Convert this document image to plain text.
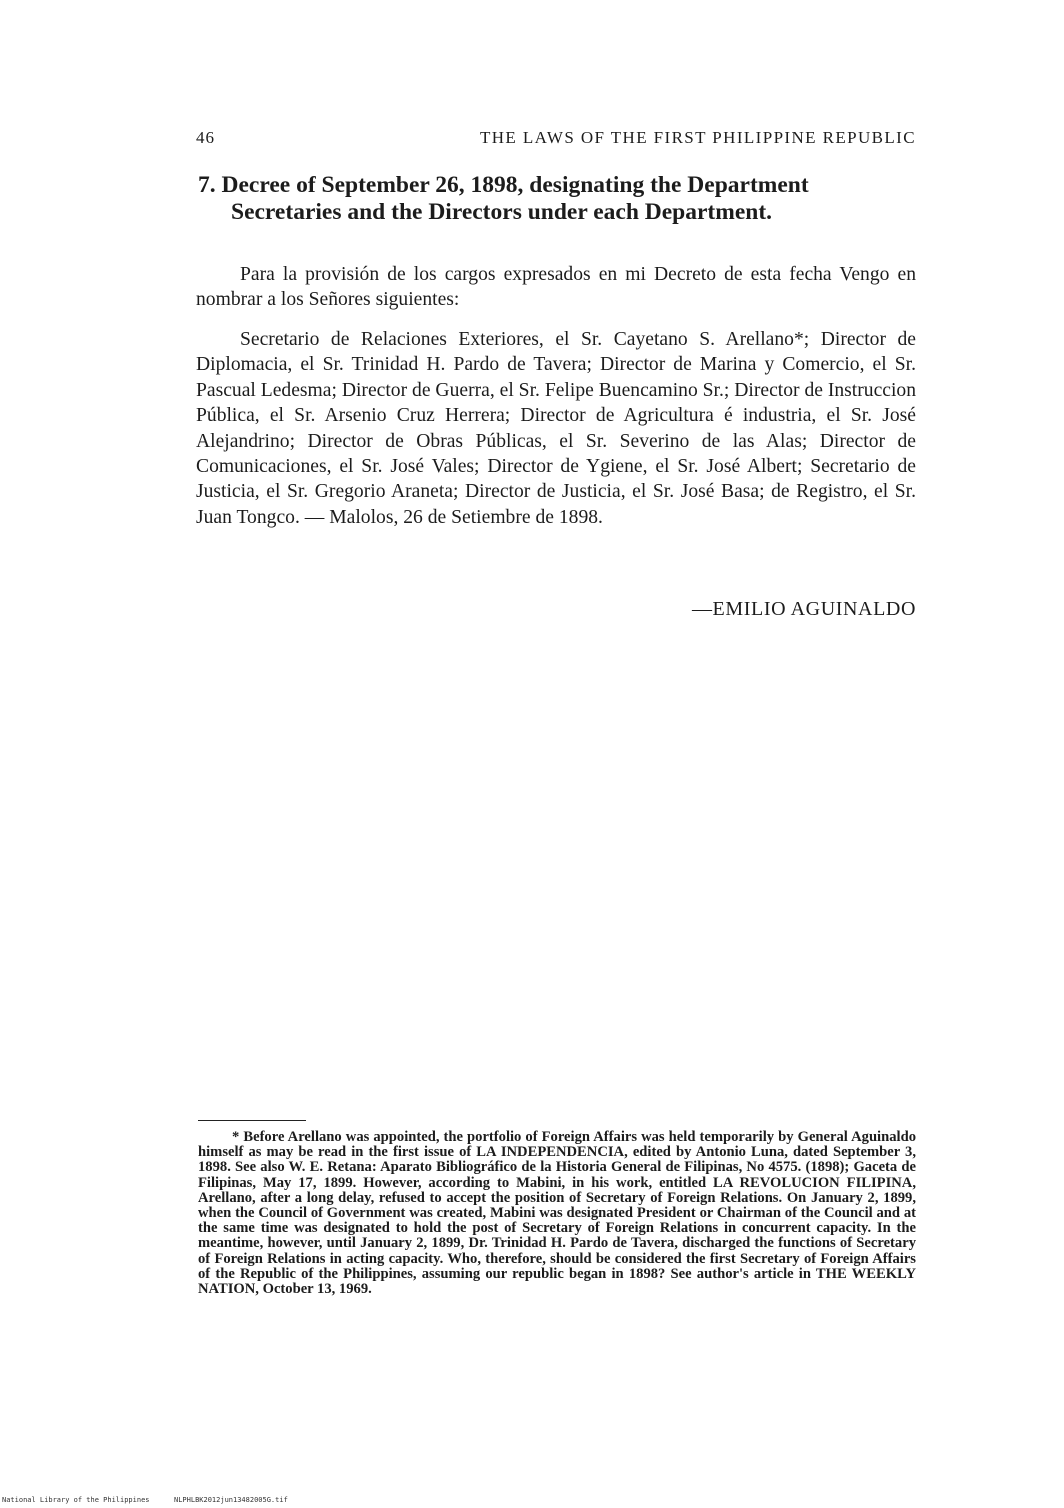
46	THE LAWS OF THE FIRST PHILIPPINE REPUBLIC
7. Decree of September 26, 1898, designating the Department
Secretaries and the Directors under each Department.

Para la provisión de los cargos expresados en mi Decreto de esta fecha Vengo en nombrar a los Señores siguientes:

Secretario de Relaciones Exteriores, el Sr. Cayetano S. Arellano*; Director de Diplomacia, el Sr. Trinidad H. Pardo de Tavera; Director de Marina y Comercio, el Sr. Pascual Ledesma; Director de Guerra, el Sr. Felipe Buencamino Sr.; Director de Instruccion Pública, el Sr. Arsenio Cruz Herrera; Director de Agricultura é industria, el Sr. José Alejandrino; Director de Obras Públicas, el Sr. Severino de las Alas; Director de Comunicaciones, el Sr. José Vales; Director de Ygiene, el Sr. José Albert; Secretario de Justicia, el Sr. Gregorio Araneta; Director de Justicia, el Sr. José Basa; de Registro, el Sr. Juan Tongco. — Malolos, 26 de Setiembre de 1898.

—EMILIO AGUINALDO

* Before Arellano was appointed, the portfolio of Foreign Affairs was held temporarily by General Aguinaldo himself as may be read in the first issue of LA INDEPENDENCIA, edited by Antonio Luna, dated September 3, 1898. See also W. E. Retana: Aparato Bibliográfico de la Historia General de Filipinas, No 4575. (1898); Gaceta de Filipinas, May 17, 1899. However, according to Mabini, in his work, entitled LA REVOLUCION FILIPINA, Arellano, after a long delay, refused to accept the position of Secretary of Foreign Relations. On January 2, 1899, when the Council of Government was created, Mabini was designated President or Chairman of the Council and at the same time was designated to hold the post of Secretary of Foreign Relations in concurrent capacity. In the meantime, however, until January 2, 1899, Dr. Trinidad H. Pardo de Tavera, discharged the functions of Secretary of Foreign Relations in acting capacity. Who, therefore, should be considered the first Secretary of Foreign Affairs of the Republic of the Philippines, assuming our republic began in 1898? See author's article in THE WEEKLY NATION, October 13, 1969.

National Library of the Philippines	NLPHLBK2012jun13482005G.tif
